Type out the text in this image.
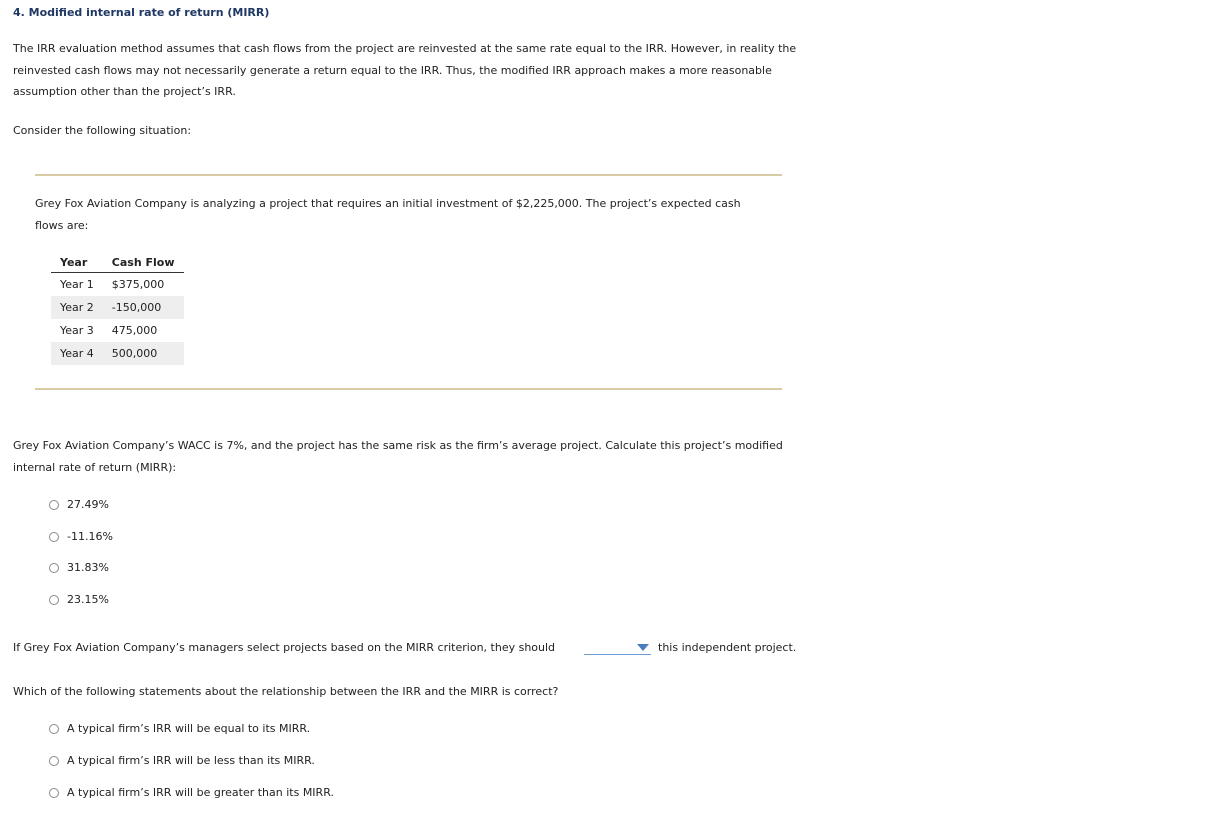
4. Modified internal rate of return (MIRR)

The IRR evaluation method assumes that cash flows from the project are reinvested at the same rate equal to the IRR. However, in reality the
reinvested cash flows may not necessarily generate a return equal to the IRR. Thus, the modified IRR approach makes a more reasonable
assumption other than the project’s IRR.

Consider the following situation:

Grey Fox Aviation Company is analyzing a project that requires an initial investment of $2,225,000. The project’s expected cash
flows are:

Year	Cash Flow
Year 1	$375,000
Year 2	-150,000
Year 3	475,000
Year 4	500,000

Grey Fox Aviation Company’s WACC is 7%, and the project has the same risk as the firm’s average project. Calculate this project’s modified
internal rate of return (MIRR):

27.49%
-11.16%
31.83%
23.15%
If Grey Fox Aviation Company’s managers select projects based on the MIRR criterion, they should	this independent project.

Which of the following statements about the relationship between the IRR and the MIRR is correct?

A typical firm’s IRR will be equal to its MIRR.
A typical firm’s IRR will be less than its MIRR.
A typical firm’s IRR will be greater than its MIRR.
